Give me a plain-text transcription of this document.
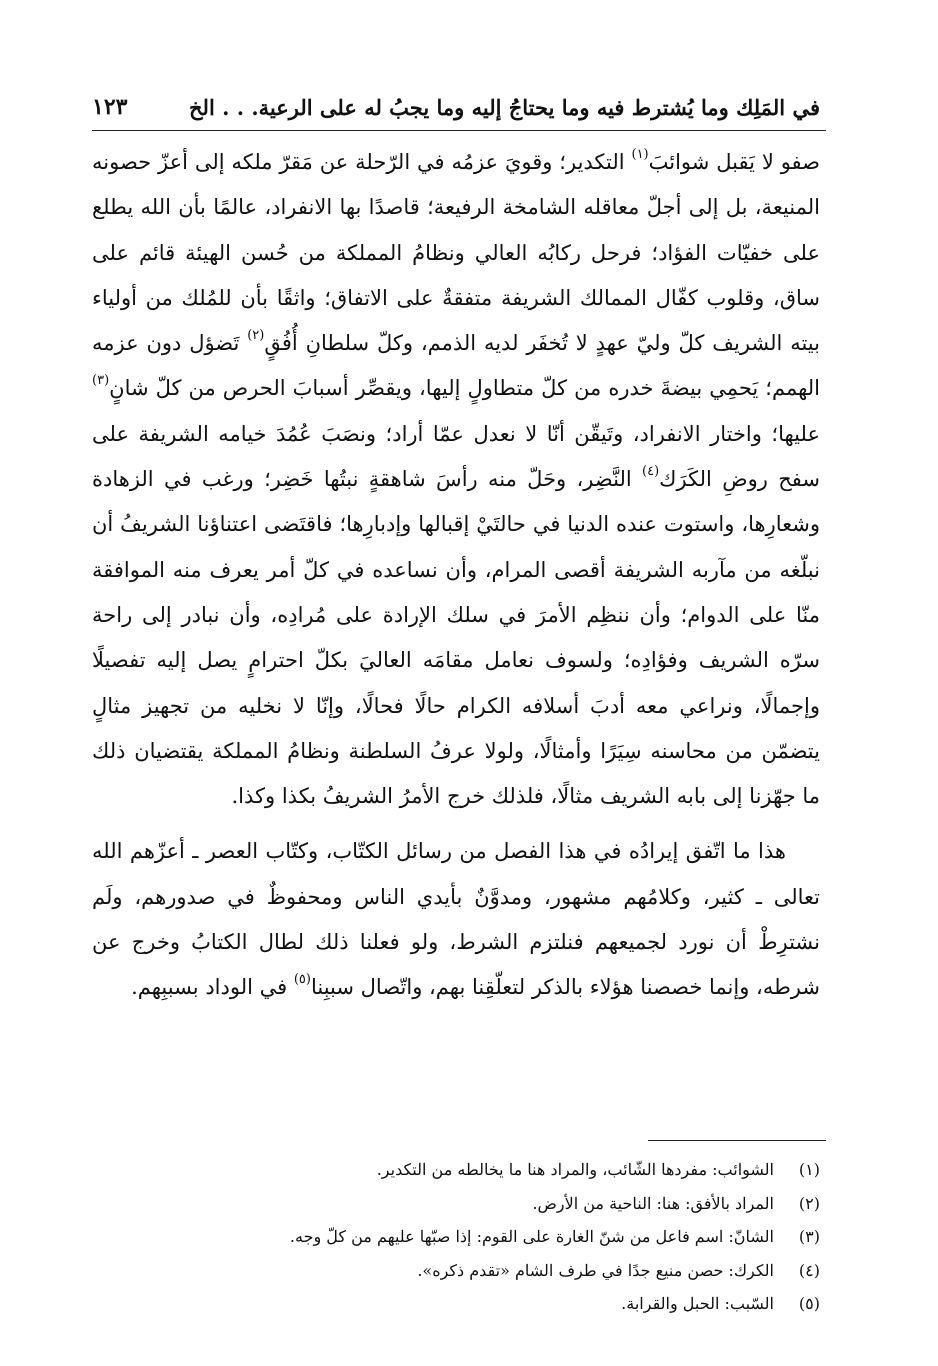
في المَلِك وما يُشترط فيه وما يحتاجُ إليه وما يجبُ له على الرعية. . . الخ
١٢٣

صفو لا يَقبل شوائبَ$^{(١)}$ التكدير؛ وقويَ عزمُه في الرّحلة عن مَقرّ ملكه إلى أعزّ حصونه المنيعة، بل إلى أجلّ معاقله الشامخة الرفيعة؛ قاصدًا بها الانفراد، عالمًا بأن الله يطلع على خفيّات الفؤاد؛ فرحل ركابُه العالي ونظامُ المملكة من حُسن الهيئة قائم على ساق، وقلوب كفّال الممالك الشريفة متفقةٌ على الاتفاق؛ واثقًا بأن للمُلك من أولياء بيته الشريف كلّ وليّ عهدٍ لا تُخفَر لديه الذمم، وكلّ سلطانِ أُفُقٍ$^{(٢)}$ تَضؤل دون عزمه الهمم؛ يَحمِي بيضةَ خدره من كلّ متطاولٍ إليها، ويقصِّر أسبابَ الحرص من كلّ شانٍ$^{(٣)}$ عليها؛ واختار الانفراد، وتَيقّن أنّا لا نعدل عمّا أراد؛ ونصَبَ عُمُدَ خيامه الشريفة على سفح روضِ الكَرَك$^{(٤)}$ النَّضِر، وحَلّ منه رأسَ شاهقةٍ نبتُها خَضِر؛ ورغب في الزهادة وشعارِها، واستوت عنده الدنيا في حالتَيْ إقبالها وإدبارِها؛ فاقتَضى اعتناؤنا الشريفُ أن نبلّغه من مآربه الشريفة أقصى المرام، وأن نساعده في كلّ أمر يعرف منه الموافقة منّا على الدوام؛ وأن ننظِم الأمرَ في سلك الإرادة على مُرادِه، وأن نبادر إلى راحة سرّه الشريف وفؤادِه؛ ولسوف نعامل مقامَه العاليَ بكلّ احترامٍ يصل إليه تفصيلًا وإجمالًا، ونراعي معه أدبَ أسلافه الكرام حالًا فحالًا، وإنّا لا نخليه من تجهيز مثالٍ يتضمّن من محاسنه سِيَرًا وأمثالًا، ولولا عرفُ السلطنة ونظامُ المملكة يقتضيان ذلك ما جهّزنا إلى بابه الشريف مثالًا، فلذلك خرج الأمرُ الشريفُ بكذا وكذا.

هذا ما اتّفق إيرادُه في هذا الفصل من رسائل الكتّاب، وكتّاب العصر ـ أعزّهم الله تعالى ـ كثير، وكلامُهم مشهور، ومدوَّنٌ بأيدي الناس ومحفوظٌ في صدورهم، ولَم نشترِطْ أن نورد لجميعهم فنلتزم الشرط، ولو فعلنا ذلك لطال الكتابُ وخرج عن شرطه، وإنما خصصنا هؤلاء بالذكر لتعلّقِنا بهم، واتّصال سببِنا$^{(٥)}$ في الوداد بسببِهم.

(١)
الشوائب: مفردها الشّائب، والمراد هنا ما يخالطه من التكدير.
(٢)
المراد بالأفق: هنا: الناحية من الأرض.
(٣)
الشانّ: اسم فاعل من شنّ الغارة على القوم: إذا صبّها عليهم من كلّ وجه.
(٤)
الكرك: حصن منيع جدًا في طرف الشام «تقدم ذكره».
(٥)
السّبب: الحبل والقرابة.
